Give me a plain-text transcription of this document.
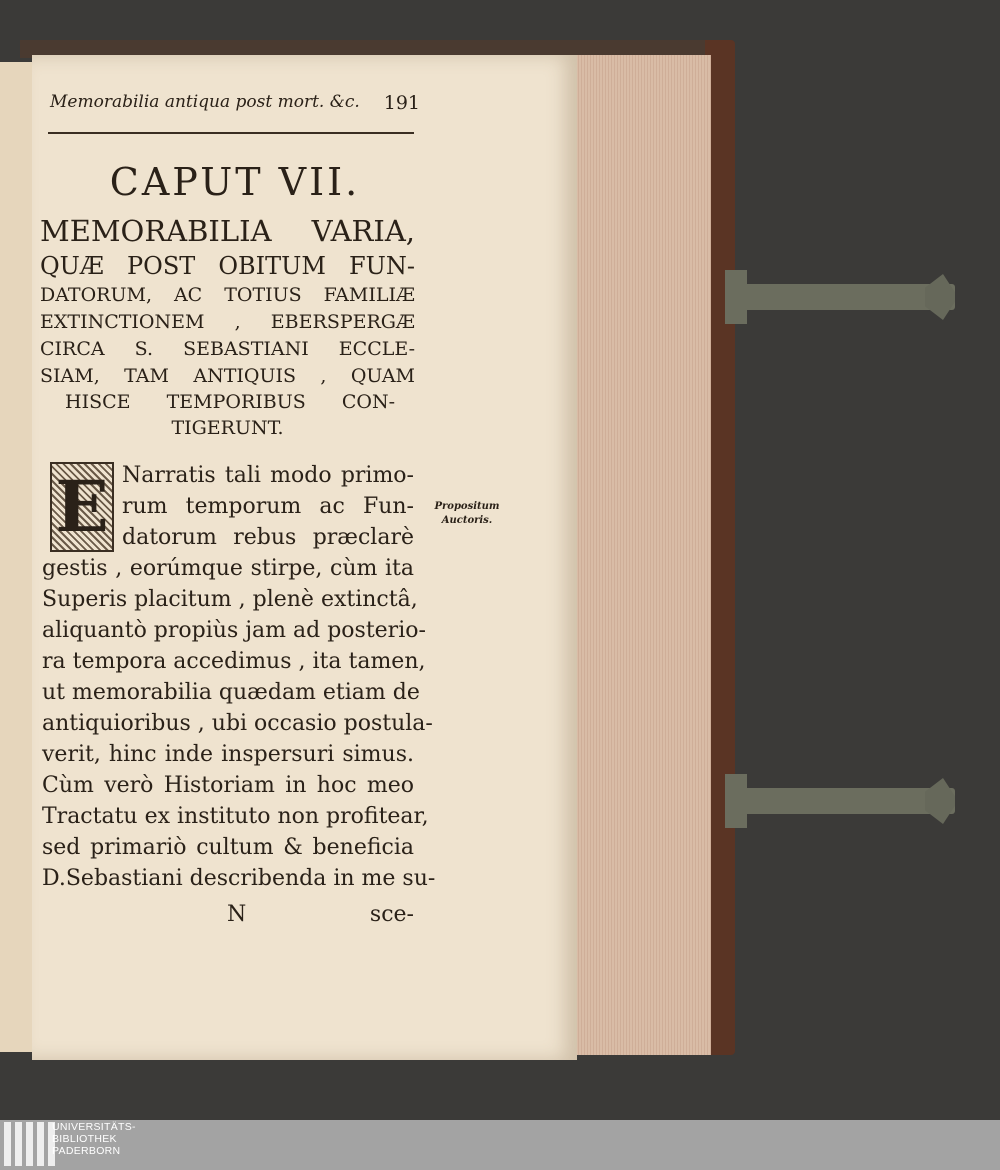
Memorabilia antiqua post mort. &c. 191
CAPUT VII.
MEMORABILIA VARIA,
QUÆ POST OBITUM FUN-
DATORUM, AC TOTIUS FAMILIÆ
EXTINCTIONEM , EBERSPERGÆ
CIRCA S. SEBASTIANI ECCLE-
SIAM, TAM ANTIQUIS , QUAM
HISCE TEMPORIBUS CON-
TIGERUNT.
E Narratis tali modo primo-
rum temporum ac Fun-
datorum rebus præclarè
gestis , eorúmque stirpe, cùm ita
Superis placitum , plenè extinctâ,
aliquantò propiùs jam ad posterio-
ra tempora accedimus , ita tamen,
ut memorabilia quædam etiam de
antiquioribus , ubi occasio postula-
verit, hinc inde inspersuri simus.
Cùm verò Historiam in hoc meo
Tractatu ex instituto non profitear,
sed primariò cultum & beneficia
D.Sebastiani describenda in me su-
Propositum
Auctoris.
N	sce-
UNIVERSITÄTS-
BIBLIOTHEK
PADERBORN
